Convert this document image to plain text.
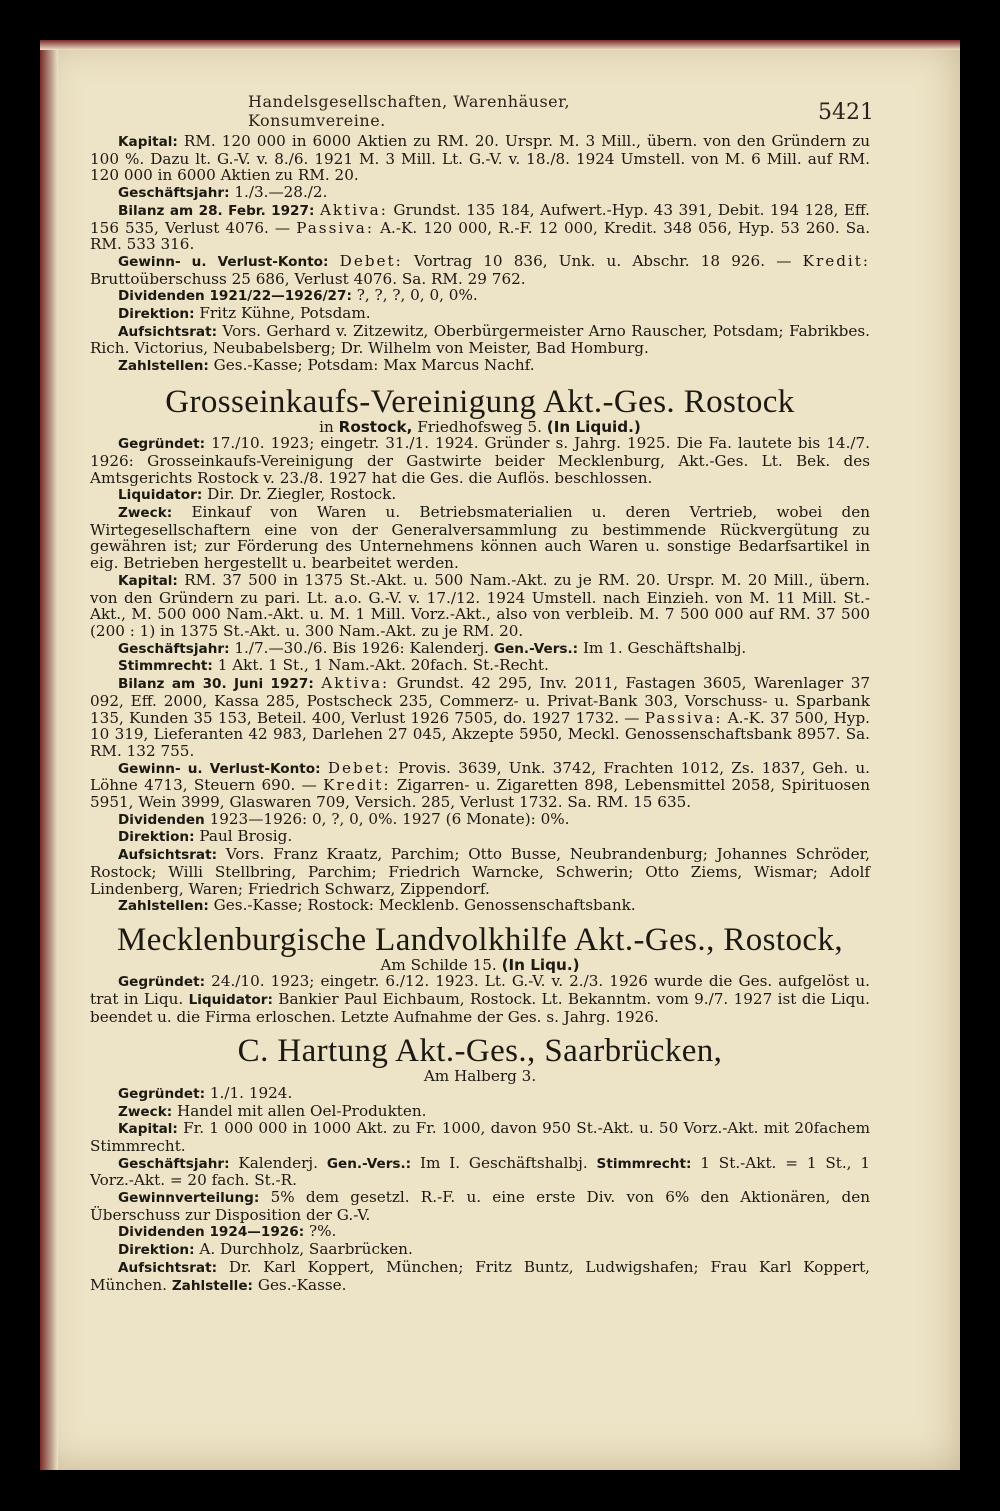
Handelsgesellschaften, Warenhäuser, Konsumvereine.	5421

Kapital: RM. 120 000 in 6000 Aktien zu RM. 20. Urspr. M. 3 Mill., übern. von den Gründern zu 100 %. Dazu lt. G.-V. v. 8./6. 1921 M. 3 Mill. Lt. G.-V. v. 18./8. 1924 Umstell. von M. 6 Mill. auf RM. 120 000 in 6000 Aktien zu RM. 20.

Geschäftsjahr: 1./3.—28./2.

Bilanz am 28. Febr. 1927: Aktiva: Grundst. 135 184, Aufwert.-Hyp. 43 391, Debit. 194 128, Eff. 156 535, Verlust 4076. — Passiva: A.-K. 120 000, R.-F. 12 000, Kredit. 348 056, Hyp. 53 260. Sa. RM. 533 316.

Gewinn- u. Verlust-Konto: Debet: Vortrag 10 836, Unk. u. Abschr. 18 926. — Kredit: Bruttoüberschuss 25 686, Verlust 4076. Sa. RM. 29 762.

Dividenden 1921/22—1926/27: ?, ?, ?, 0, 0, 0%.

Direktion: Fritz Kühne, Potsdam.

Aufsichtsrat: Vors. Gerhard v. Zitzewitz, Oberbürgermeister Arno Rauscher, Potsdam; Fabrikbes. Rich. Victorius, Neubabelsberg; Dr. Wilhelm von Meister, Bad Homburg.

Zahlstellen: Ges.-Kasse; Potsdam: Max Marcus Nachf.

Grosseinkaufs-Vereinigung Akt.-Ges. Rostock

in Rostock, Friedhofsweg 5. (In Liquid.)

Gegründet: 17./10. 1923; eingetr. 31./1. 1924. Gründer s. Jahrg. 1925. Die Fa. lautete bis 14./7. 1926: Grosseinkaufs-Vereinigung der Gastwirte beider Mecklenburg, Akt.-Ges. Lt. Bek. des Amtsgerichts Rostock v. 23./8. 1927 hat die Ges. die Auflös. beschlossen.

Liquidator: Dir. Dr. Ziegler, Rostock.

Zweck: Einkauf von Waren u. Betriebsmaterialien u. deren Vertrieb, wobei den Wirtegesellschaftern eine von der Generalversammlung zu bestimmende Rückvergütung zu gewähren ist; zur Förderung des Unternehmens können auch Waren u. sonstige Bedarfsartikel in eig. Betrieben hergestellt u. bearbeitet werden.

Kapital: RM. 37 500 in 1375 St.-Akt. u. 500 Nam.-Akt. zu je RM. 20. Urspr. M. 20 Mill., übern. von den Gründern zu pari. Lt. a.o. G.-V. v. 17./12. 1924 Umstell. nach Einzieh. von M. 11 Mill. St.-Akt., M. 500 000 Nam.-Akt. u. M. 1 Mill. Vorz.-Akt., also von verbleib. M. 7 500 000 auf RM. 37 500 (200 : 1) in 1375 St.-Akt. u. 300 Nam.-Akt. zu je RM. 20.

Geschäftsjahr: 1./7.—30./6. Bis 1926: Kalenderj. Gen.-Vers.: Im 1. Geschäftshalbj.

Stimmrecht: 1 Akt. 1 St., 1 Nam.-Akt. 20fach. St.-Recht.

Bilanz am 30. Juni 1927: Aktiva: Grundst. 42 295, Inv. 2011, Fastagen 3605, Warenlager 37 092, Eff. 2000, Kassa 285, Postscheck 235, Commerz- u. Privat-Bank 303, Vorschuss- u. Sparbank 135, Kunden 35 153, Beteil. 400, Verlust 1926 7505, do. 1927 1732. — Passiva: A.-K. 37 500, Hyp. 10 319, Lieferanten 42 983, Darlehen 27 045, Akzepte 5950, Meckl. Genossenschaftsbank 8957. Sa. RM. 132 755.

Gewinn- u. Verlust-Konto: Debet: Provis. 3639, Unk. 3742, Frachten 1012, Zs. 1837, Geh. u. Löhne 4713, Steuern 690. — Kredit: Zigarren- u. Zigaretten 898, Lebensmittel 2058, Spirituosen 5951, Wein 3999, Glaswaren 709, Versich. 285, Verlust 1732. Sa. RM. 15 635.

Dividenden 1923—1926: 0, ?, 0, 0%. 1927 (6 Monate): 0%.

Direktion: Paul Brosig.

Aufsichtsrat: Vors. Franz Kraatz, Parchim; Otto Busse, Neubrandenburg; Johannes Schröder, Rostock; Willi Stellbring, Parchim; Friedrich Warncke, Schwerin; Otto Ziems, Wismar; Adolf Lindenberg, Waren; Friedrich Schwarz, Zippendorf.

Zahlstellen: Ges.-Kasse; Rostock: Mecklenb. Genossenschaftsbank.

Mecklenburgische Landvolkhilfe Akt.-Ges., Rostock,

Am Schilde 15. (In Liqu.)

Gegründet: 24./10. 1923; eingetr. 6./12. 1923. Lt. G.-V. v. 2./3. 1926 wurde die Ges. aufgelöst u. trat in Liqu. Liquidator: Bankier Paul Eichbaum, Rostock. Lt. Bekanntm. vom 9./7. 1927 ist die Liqu. beendet u. die Firma erloschen. Letzte Aufnahme der Ges. s. Jahrg. 1926.

C. Hartung Akt.-Ges., Saarbrücken,

Am Halberg 3.

Gegründet: 1./1. 1924.

Zweck: Handel mit allen Oel-Produkten.

Kapital: Fr. 1 000 000 in 1000 Akt. zu Fr. 1000, davon 950 St.-Akt. u. 50 Vorz.-Akt. mit 20fachem Stimmrecht.

Geschäftsjahr: Kalenderj. Gen.-Vers.: Im I. Geschäftshalbj. Stimmrecht: 1 St.-Akt. = 1 St., 1 Vorz.-Akt. = 20 fach. St.-R.

Gewinnverteilung: 5% dem gesetzl. R.-F. u. eine erste Div. von 6% den Aktionären, den Überschuss zur Disposition der G.-V.

Dividenden 1924—1926: ?%.

Direktion: A. Durchholz, Saarbrücken.

Aufsichtsrat: Dr. Karl Koppert, München; Fritz Buntz, Ludwigshafen; Frau Karl Koppert, München. Zahlstelle: Ges.-Kasse.
